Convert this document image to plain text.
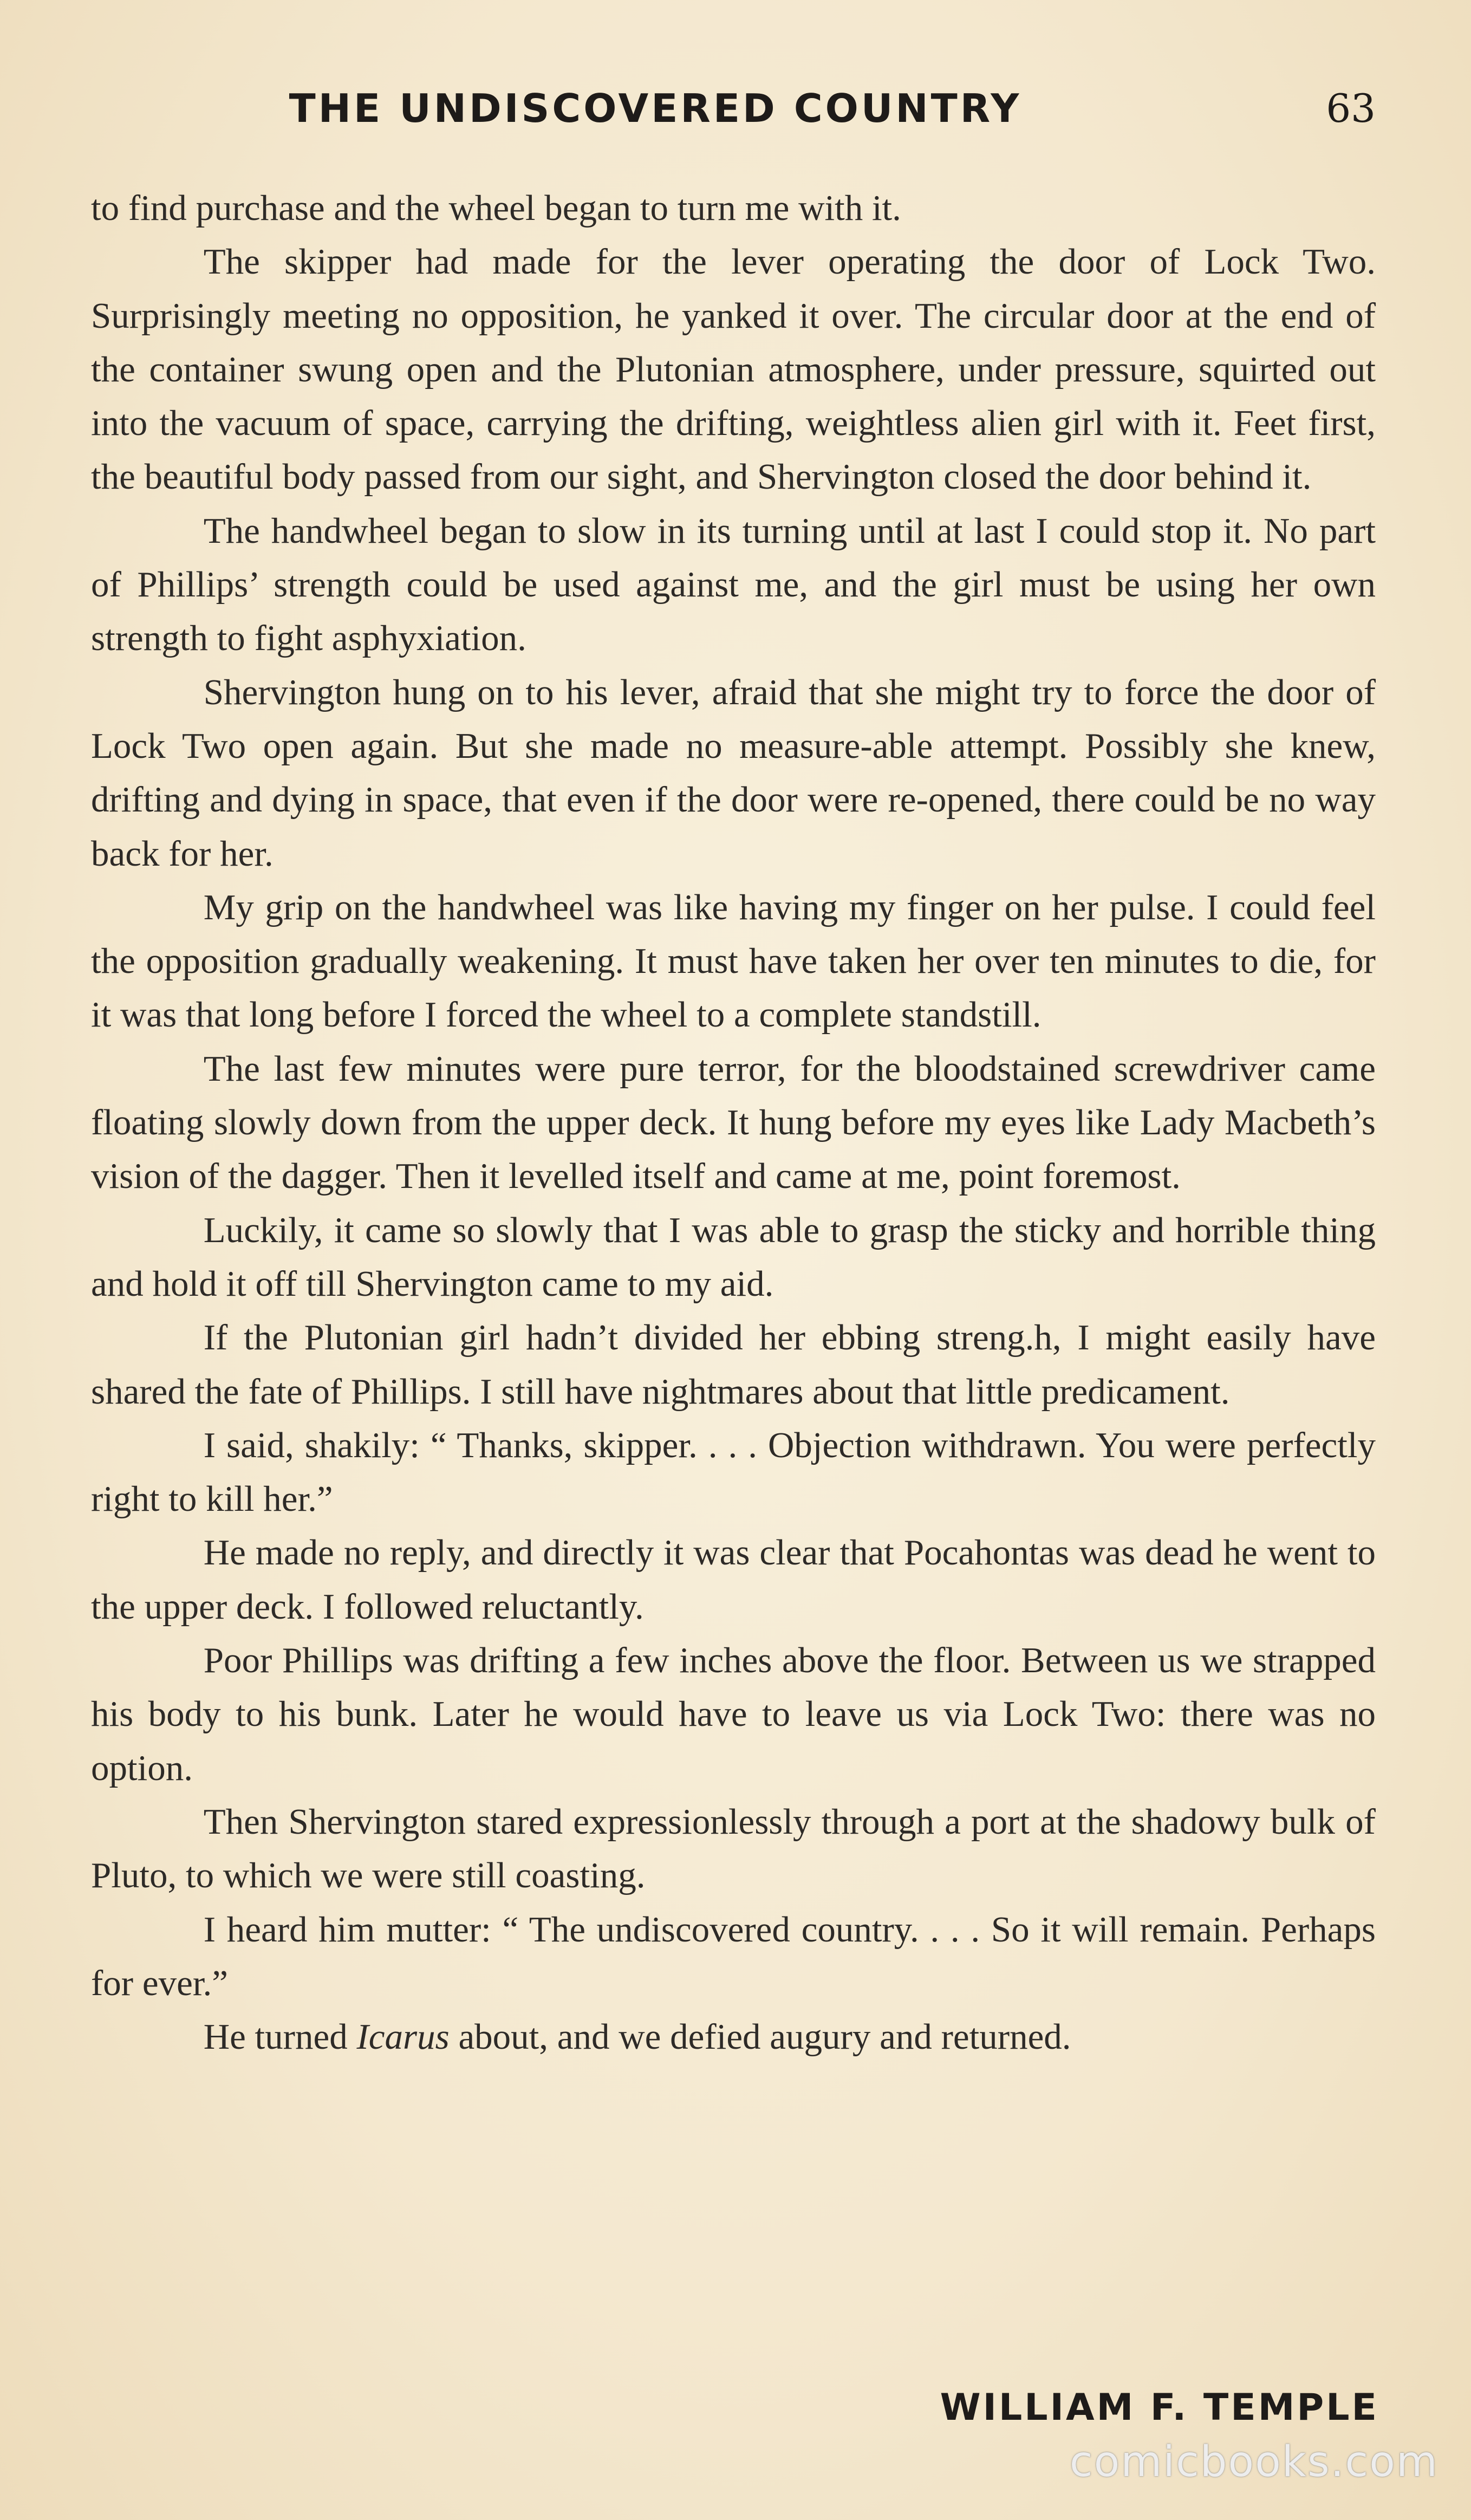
THE UNDISCOVERED COUNTRY	63

to find purchase and the wheel began to turn me with it.

The skipper had made for the lever operating the door of Lock Two. Surprisingly meeting no opposition, he yanked it over. The circular door at the end of the container swung open and the Plutonian atmosphere, under pressure, squirted out into the vacuum of space, carrying the drifting, weightless alien girl with it. Feet first, the beautiful body passed from our sight, and Shervington closed the door behind it.

The handwheel began to slow in its turning until at last I could stop it. No part of Phillips’ strength could be used against me, and the girl must be using her own strength to fight asphyxiation.

Shervington hung on to his lever, afraid that she might try to force the door of Lock Two open again. But she made no measure-able attempt. Possibly she knew, drifting and dying in space, that even if the door were re-opened, there could be no way back for her.

My grip on the handwheel was like having my finger on her pulse. I could feel the opposition gradually weakening. It must have taken her over ten minutes to die, for it was that long before I forced the wheel to a complete standstill.

The last few minutes were pure terror, for the bloodstained screwdriver came floating slowly down from the upper deck. It hung before my eyes like Lady Macbeth’s vision of the dagger. Then it levelled itself and came at me, point foremost.

Luckily, it came so slowly that I was able to grasp the sticky and horrible thing and hold it off till Shervington came to my aid.

If the Plutonian girl hadn’t divided her ebbing streng.h, I might easily have shared the fate of Phillips. I still have nightmares about that little predicament.

I said, shakily: “ Thanks, skipper. . . . Objection withdrawn. You were perfectly right to kill her.”

He made no reply, and directly it was clear that Pocahontas was dead he went to the upper deck. I followed reluctantly.

Poor Phillips was drifting a few inches above the floor. Between us we strapped his body to his bunk. Later he would have to leave us via Lock Two: there was no option.

Then Shervington stared expressionlessly through a port at the shadowy bulk of Pluto, to which we were still coasting.

I heard him mutter: “ The undiscovered country. . . . So it will remain. Perhaps for ever.”

He turned Icarus about, and we defied augury and returned.

WILLIAM F. TEMPLE
comicbooks.com
